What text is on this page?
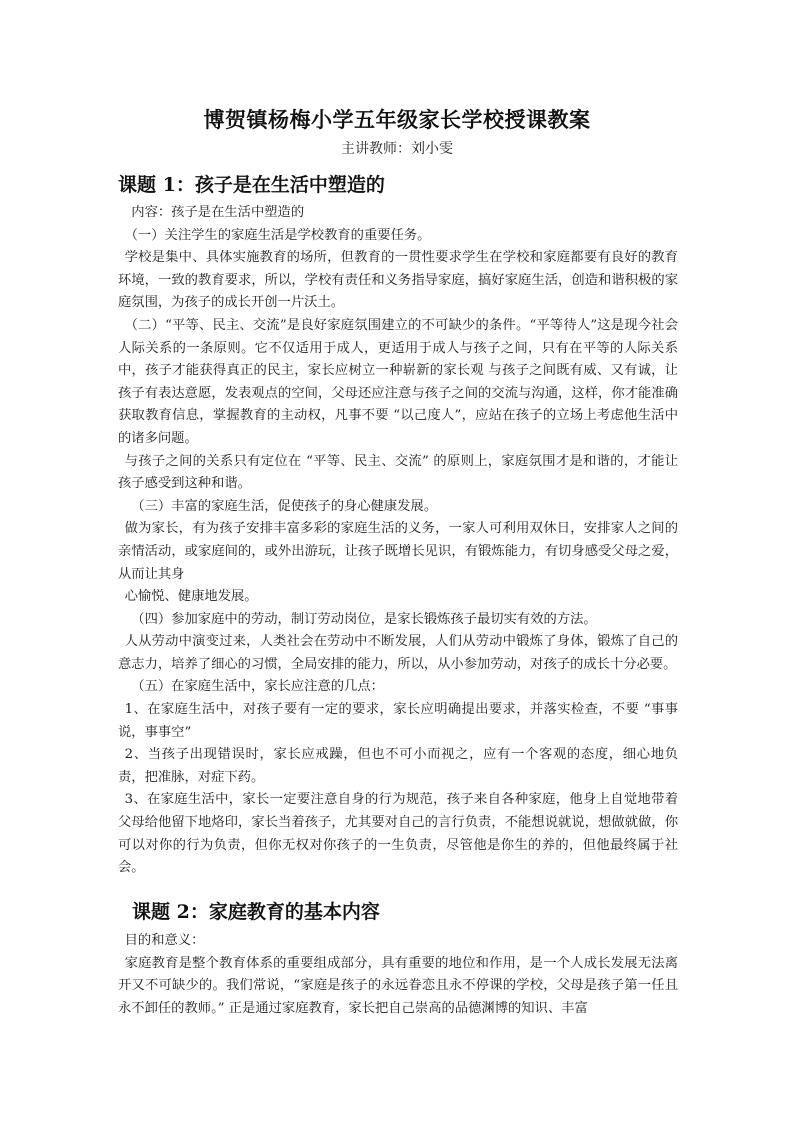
博贺镇杨梅小学五年级家长学校授课教案
主讲教师：刘小雯
课题 1：孩子是在生活中塑造的

内容：孩子是在生活中塑造的

（一）关注学生的家庭生活是学校教育的重要任务。

学校是集中、具体实施教育的场所，但教育的一贯性要求学生在学校和家庭都要有良好的教育环境，一致的教育要求，所以，学校有责任和义务指导家庭，搞好家庭生活，创造和谐积极的家庭氛围，为孩子的成长开创一片沃土。

（二）“平等、民主、交流”是良好家庭氛围建立的不可缺少的条件。“平等待人”这是现今社会人际关系的一条原则。它不仅适用于成人，更适用于成人与孩子之间，只有在平等的人际关系中，孩子才能获得真正的民主，家长应树立一种崭新的家长观 与孩子之间既有威、又有诚，让孩子有表达意愿，发表观点的空间，父母还应注意与孩子之间的交流与沟通，这样，你才能准确获取教育信息，掌握教育的主动权，凡事不要 “以己度人”，应站在孩子的立场上考虑他生活中的诸多问题。

与孩子之间的关系只有定位在 “平等、民主、交流” 的原则上，家庭氛围才是和谐的，才能让孩子感受到这种和谐。

（三）丰富的家庭生活，促使孩子的身心健康发展。

做为家长，有为孩子安排丰富多彩的家庭生活的义务，一家人可利用双休日，安排家人之间的亲情活动，或家庭间的，或外出游玩，让孩子既增长见识，有锻炼能力，有切身感受父母之爱，从而让其身

心愉悦、健康地发展。

（四）参加家庭中的劳动，制订劳动岗位，是家长锻炼孩子最切实有效的方法。

人从劳动中演变过来，人类社会在劳动中不断发展，人们从劳动中锻炼了身体，锻炼了自己的意志力，培养了细心的习惯，全局安排的能力，所以，从小参加劳动，对孩子的成长十分必要。

（五）在家庭生活中，家长应注意的几点：

1、在家庭生活中，对孩子要有一定的要求，家长应明确提出要求，并落实检查，不要 “事事说，事事空”

2、当孩子出现错误时，家长应戒躁，但也不可小而视之，应有一个客观的态度，细心地负责，把准脉，对症下药。

3、在家庭生活中，家长一定要注意自身的行为规范，孩子来自各种家庭，他身上自觉地带着父母给他留下地烙印，家长当着孩子，尤其要对自己的言行负责，不能想说就说，想做就做，你可以对你的行为负责，但你无权对你孩子的一生负责，尽管他是你生的养的，但他最终属于社会。

课题 2：家庭教育的基本内容

目的和意义：

家庭教育是整个教育体系的重要组成部分，具有重要的地位和作用，是一个人成长发展无法离开又不可缺少的。我们常说，“家庭是孩子的永远眷恋且永不停课的学校，父母是孩子第一任且永不卸任的教师。” 正是通过家庭教育，家长把自己崇高的品德渊博的知识、丰富
